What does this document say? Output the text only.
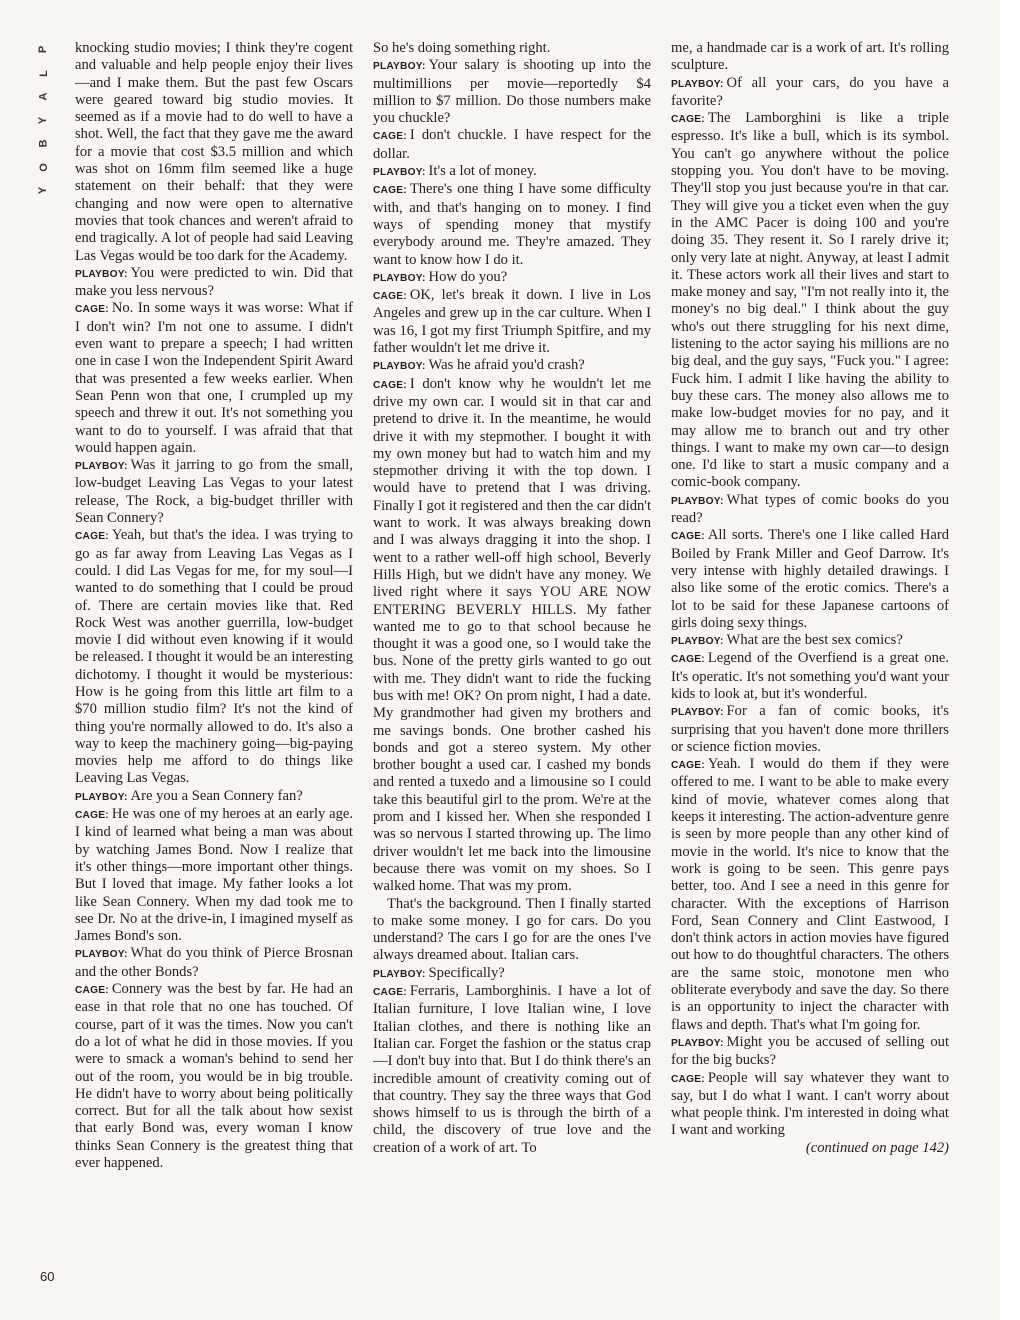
P
L
A
Y
B
O
Y

knocking studio movies; I think they're cogent and valuable and help people enjoy their lives—and I make them. But the past few Oscars were geared toward big studio movies. It seemed as if a movie had to do well to have a shot. Well, the fact that they gave me the award for a movie that cost $3.5 million and which was shot on 16mm film seemed like a huge statement on their behalf: that they were changing and now were open to alternative movies that took chances and weren't afraid to end tragically. A lot of people had said Leaving Las Vegas would be too dark for the Academy.

PLAYBOY: You were predicted to win. Did that make you less nervous?

CAGE: No. In some ways it was worse: What if I don't win? I'm not one to assume. I didn't even want to prepare a speech; I had written one in case I won the Independent Spirit Award that was presented a few weeks earlier. When Sean Penn won that one, I crumpled up my speech and threw it out. It's not something you want to do to yourself. I was afraid that that would happen again.

PLAYBOY: Was it jarring to go from the small, low-budget Leaving Las Vegas to your latest release, The Rock, a big-budget thriller with Sean Connery?

CAGE: Yeah, but that's the idea. I was trying to go as far away from Leaving Las Vegas as I could. I did Las Vegas for me, for my soul—I wanted to do something that I could be proud of. There are certain movies like that. Red Rock West was another guerrilla, low-budget movie I did without even knowing if it would be released. I thought it would be an interesting dichotomy. I thought it would be mysterious: How is he going from this little art film to a $70 million studio film? It's not the kind of thing you're normally allowed to do. It's also a way to keep the machinery going—big-paying movies help me afford to do things like Leaving Las Vegas.

PLAYBOY: Are you a Sean Connery fan?

CAGE: He was one of my heroes at an early age. I kind of learned what being a man was about by watching James Bond. Now I realize that it's other things—more important other things. But I loved that image. My father looks a lot like Sean Connery. When my dad took me to see Dr. No at the drive-in, I imagined myself as James Bond's son.

PLAYBOY: What do you think of Pierce Brosnan and the other Bonds?

CAGE: Connery was the best by far. He had an ease in that role that no one has touched. Of course, part of it was the times. Now you can't do a lot of what he did in those movies. If you were to smack a woman's behind to send her out of the room, you would be in big trouble. He didn't have to worry about being politically correct. But for all the talk about how sexist that early Bond was, every woman I know thinks Sean Connery is the greatest thing that ever happened.

So he's doing something right.

PLAYBOY: Your salary is shooting up into the multimillions per movie—reportedly $4 million to $7 million. Do those numbers make you chuckle?

CAGE: I don't chuckle. I have respect for the dollar.

PLAYBOY: It's a lot of money.

CAGE: There's one thing I have some difficulty with, and that's hanging on to money. I find ways of spending money that mystify everybody around me. They're amazed. They want to know how I do it.

PLAYBOY: How do you?

CAGE: OK, let's break it down. I live in Los Angeles and grew up in the car culture. When I was 16, I got my first Triumph Spitfire, and my father wouldn't let me drive it.

PLAYBOY: Was he afraid you'd crash?

CAGE: I don't know why he wouldn't let me drive my own car. I would sit in that car and pretend to drive it. In the meantime, he would drive it with my stepmother. I bought it with my own money but had to watch him and my stepmother driving it with the top down. I would have to pretend that I was driving. Finally I got it registered and then the car didn't want to work. It was always breaking down and I was always dragging it into the shop. I went to a rather well-off high school, Beverly Hills High, but we didn't have any money. We lived right where it says YOU ARE NOW ENTERING BEVERLY HILLS. My father wanted me to go to that school because he thought it was a good one, so I would take the bus. None of the pretty girls wanted to go out with me. They didn't want to ride the fucking bus with me! OK? On prom night, I had a date. My grandmother had given my brothers and me savings bonds. One brother cashed his bonds and got a stereo system. My other brother bought a used car. I cashed my bonds and rented a tuxedo and a limousine so I could take this beautiful girl to the prom. We're at the prom and I kissed her. When she responded I was so nervous I started throwing up. The limo driver wouldn't let me back into the limousine because there was vomit on my shoes. So I walked home. That was my prom.

That's the background. Then I finally started to make some money. I go for cars. Do you understand? The cars I go for are the ones I've always dreamed about. Italian cars.

PLAYBOY: Specifically?

CAGE: Ferraris, Lamborghinis. I have a lot of Italian furniture, I love Italian wine, I love Italian clothes, and there is nothing like an Italian car. Forget the fashion or the status crap—I don't buy into that. But I do think there's an incredible amount of creativity coming out of that country. They say the three ways that God shows himself to us is through the birth of a child, the discovery of true love and the creation of a work of art. To

me, a handmade car is a work of art. It's rolling sculpture.

PLAYBOY: Of all your cars, do you have a favorite?

CAGE: The Lamborghini is like a triple espresso. It's like a bull, which is its symbol. You can't go anywhere without the police stopping you. You don't have to be moving. They'll stop you just because you're in that car. They will give you a ticket even when the guy in the AMC Pacer is doing 100 and you're doing 35. They resent it. So I rarely drive it; only very late at night. Anyway, at least I admit it. These actors work all their lives and start to make money and say, "I'm not really into it, the money's no big deal." I think about the guy who's out there struggling for his next dime, listening to the actor saying his millions are no big deal, and the guy says, "Fuck you." I agree: Fuck him. I admit I like having the ability to buy these cars. The money also allows me to make low-budget movies for no pay, and it may allow me to branch out and try other things. I want to make my own car—to design one. I'd like to start a music company and a comic-book company.

PLAYBOY: What types of comic books do you read?

CAGE: All sorts. There's one I like called Hard Boiled by Frank Miller and Geof Darrow. It's very intense with highly detailed drawings. I also like some of the erotic comics. There's a lot to be said for these Japanese cartoons of girls doing sexy things.

PLAYBOY: What are the best sex comics?

CAGE: Legend of the Overfiend is a great one. It's operatic. It's not something you'd want your kids to look at, but it's wonderful.

PLAYBOY: For a fan of comic books, it's surprising that you haven't done more thrillers or science fiction movies.

CAGE: Yeah. I would do them if they were offered to me. I want to be able to make every kind of movie, whatever comes along that keeps it interesting. The action-adventure genre is seen by more people than any other kind of movie in the world. It's nice to know that the work is going to be seen. This genre pays better, too. And I see a need in this genre for character. With the exceptions of Harrison Ford, Sean Connery and Clint Eastwood, I don't think actors in action movies have figured out how to do thoughtful characters. The others are the same stoic, monotone men who obliterate everybody and save the day. So there is an opportunity to inject the character with flaws and depth. That's what I'm going for.

PLAYBOY: Might you be accused of selling out for the big bucks?

CAGE: People will say whatever they want to say, but I do what I want. I can't worry about what people think. I'm interested in doing what I want and working

(continued on page 142)

60
